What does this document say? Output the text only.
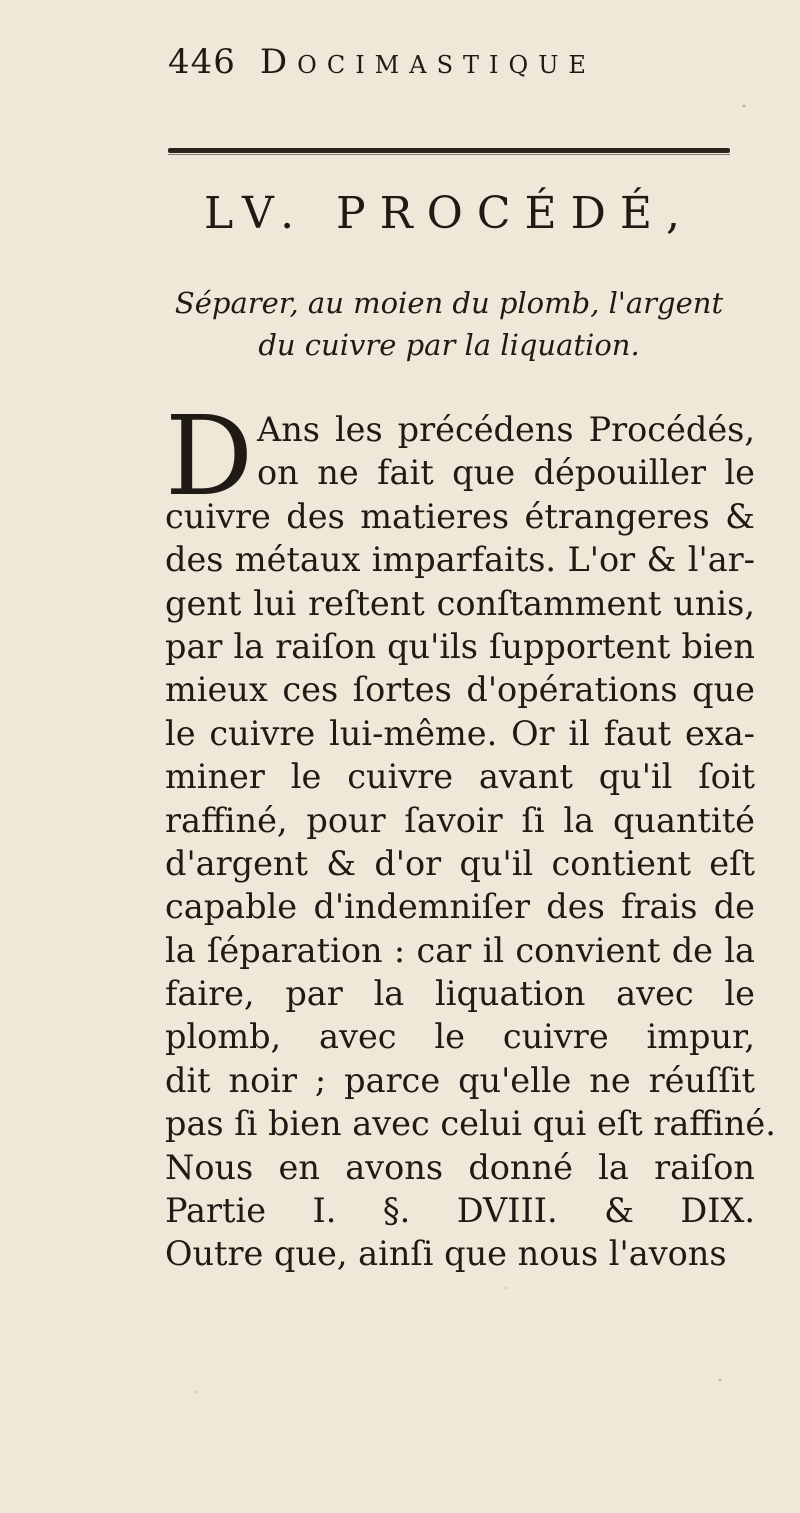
446 Docimastique
LV. PROCÉDÉ,
Séparer, au moien du plomb, l'argent
du cuivre par la liquation.
D Ans les précédens Procédés,
on ne fait que dépouiller le
cuivre des matieres étrangeres &
des métaux imparfaits. L'or & l'ar-
gent lui reſtent conſtamment unis,
par la raiſon qu'ils ſupportent bien
mieux ces ſortes d'opérations que
le cuivre lui-même. Or il faut exa-
miner le cuivre avant qu'il ſoit
raffiné, pour ſavoir ſi la quantité
d'argent & d'or qu'il contient eſt
capable d'indemniſer des frais de
la ſéparation : car il convient de la
faire, par la liquation avec le
plomb, avec le cuivre impur,
dit noir ; parce qu'elle ne réuſſit
pas ſi bien avec celui qui eſt raffiné.
Nous en avons donné la raiſon
Partie I. §. DVIII. & DIX.
Outre que, ainſi que nous l'avons
